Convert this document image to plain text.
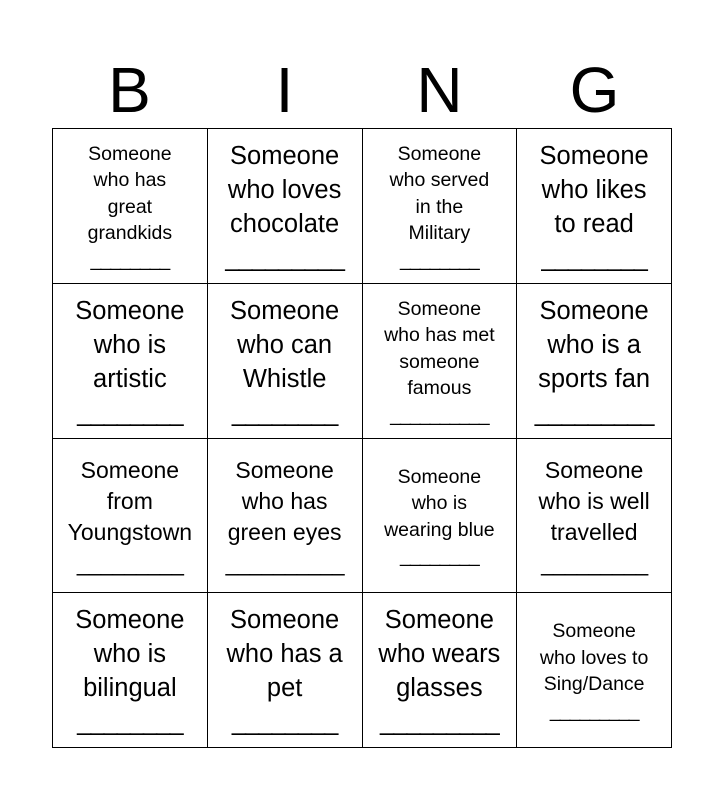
B	I	N	G
Someone
who has
great
grandkids
________
Someone
who loves
chocolate
_________
Someone
who served
in the
Military
________
Someone
who likes
to read
________
Someone
who is
artistic
________
Someone
who can
Whistle
________
Someone
who has met
someone
famous
__________
Someone
who is a
sports fan
_________
Someone
from
Youngstown
_________
Someone
who has
green eyes
__________
Someone
who is
wearing blue
________
Someone
who is well
travelled
_________
Someone
who is
bilingual
________
Someone
who has a
pet
________
Someone
who wears
glasses
_________
Someone
who loves to
Sing/Dance
_________
